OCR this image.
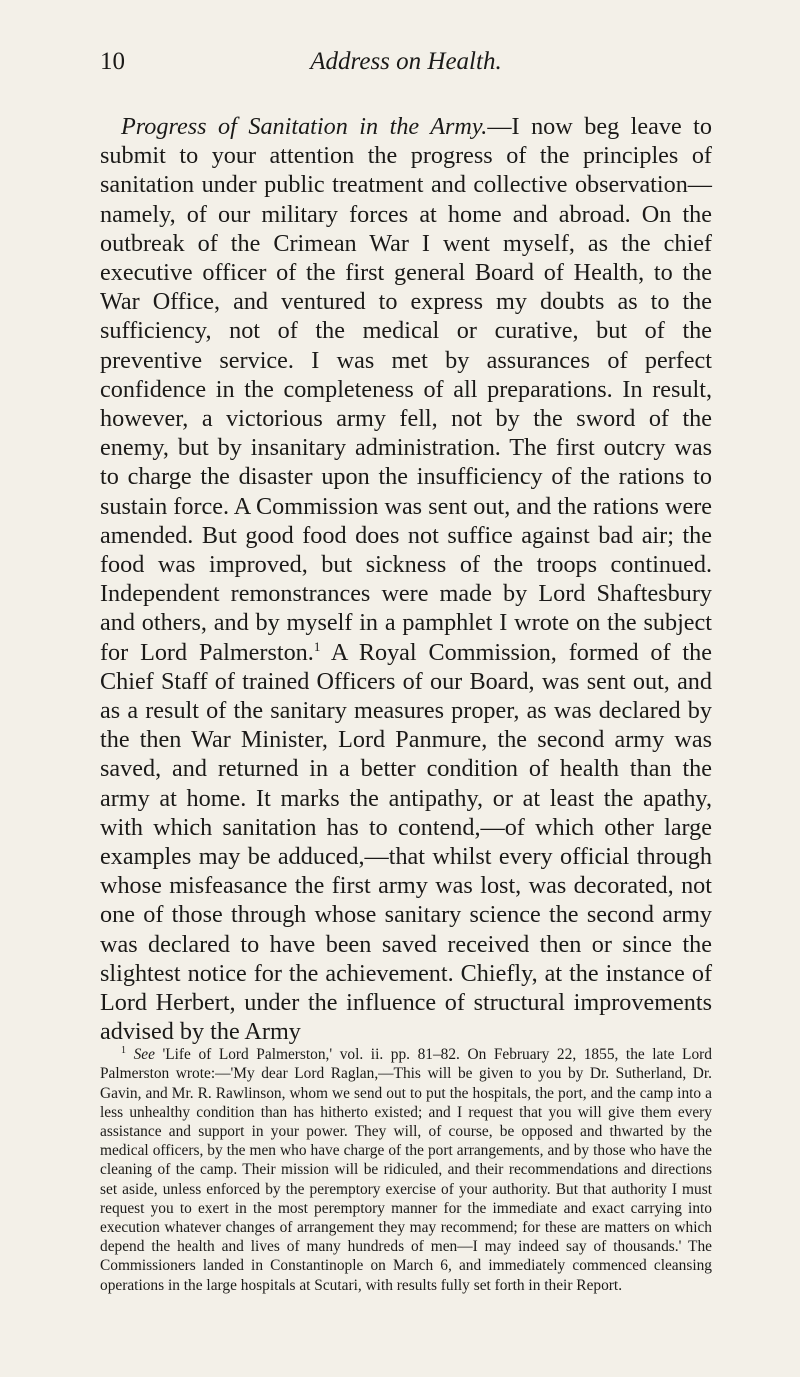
10	Address on Health.

Progress of Sanitation in the Army.—I now beg leave to submit to your attention the progress of the principles of sanitation under public treatment and collective observation—namely, of our military forces at home and abroad. On the outbreak of the Crimean War I went myself, as the chief executive officer of the first general Board of Health, to the War Office, and ventured to express my doubts as to the sufficiency, not of the medical or curative, but of the preventive service. I was met by assurances of perfect confidence in the completeness of all preparations. In result, however, a victorious army fell, not by the sword of the enemy, but by insanitary administration. The first outcry was to charge the disaster upon the insufficiency of the rations to sustain force. A Commission was sent out, and the rations were amended. But good food does not suffice against bad air; the food was improved, but sickness of the troops continued. Independent remonstrances were made by Lord Shaftesbury and others, and by myself in a pamphlet I wrote on the subject for Lord Palmerston.$^1$ A Royal Commission, formed of the Chief Staff of trained Officers of our Board, was sent out, and as a result of the sanitary measures proper, as was declared by the then War Minister, Lord Panmure, the second army was saved, and returned in a better condition of health than the army at home. It marks the antipathy, or at least the apathy, with which sanitation has to contend,—of which other large examples may be adduced,—that whilst every official through whose misfeasance the first army was lost, was decorated, not one of those through whose sanitary science the second army was declared to have been saved received then or since the slightest notice for the achievement. Chiefly, at the instance of Lord Herbert, under the influence of structural improvements advised by the Army

$^1$ See 'Life of Lord Palmerston,' vol. ii. pp. 81–82. On February 22, 1855, the late Lord Palmerston wrote:—'My dear Lord Raglan,—This will be given to you by Dr. Sutherland, Dr. Gavin, and Mr. R. Rawlinson, whom we send out to put the hospitals, the port, and the camp into a less unhealthy condition than has hitherto existed; and I request that you will give them every assistance and support in your power. They will, of course, be opposed and thwarted by the medical officers, by the men who have charge of the port arrangements, and by those who have the cleaning of the camp. Their mission will be ridiculed, and their recommendations and directions set aside, unless enforced by the peremptory exercise of your authority. But that authority I must request you to exert in the most peremptory manner for the immediate and exact carrying into execution whatever changes of arrangement they may recommend; for these are matters on which depend the health and lives of many hundreds of men—I may indeed say of thousands.' The Commissioners landed in Constantinople on March 6, and immediately commenced cleansing operations in the large hospitals at Scutari, with results fully set forth in their Report.
